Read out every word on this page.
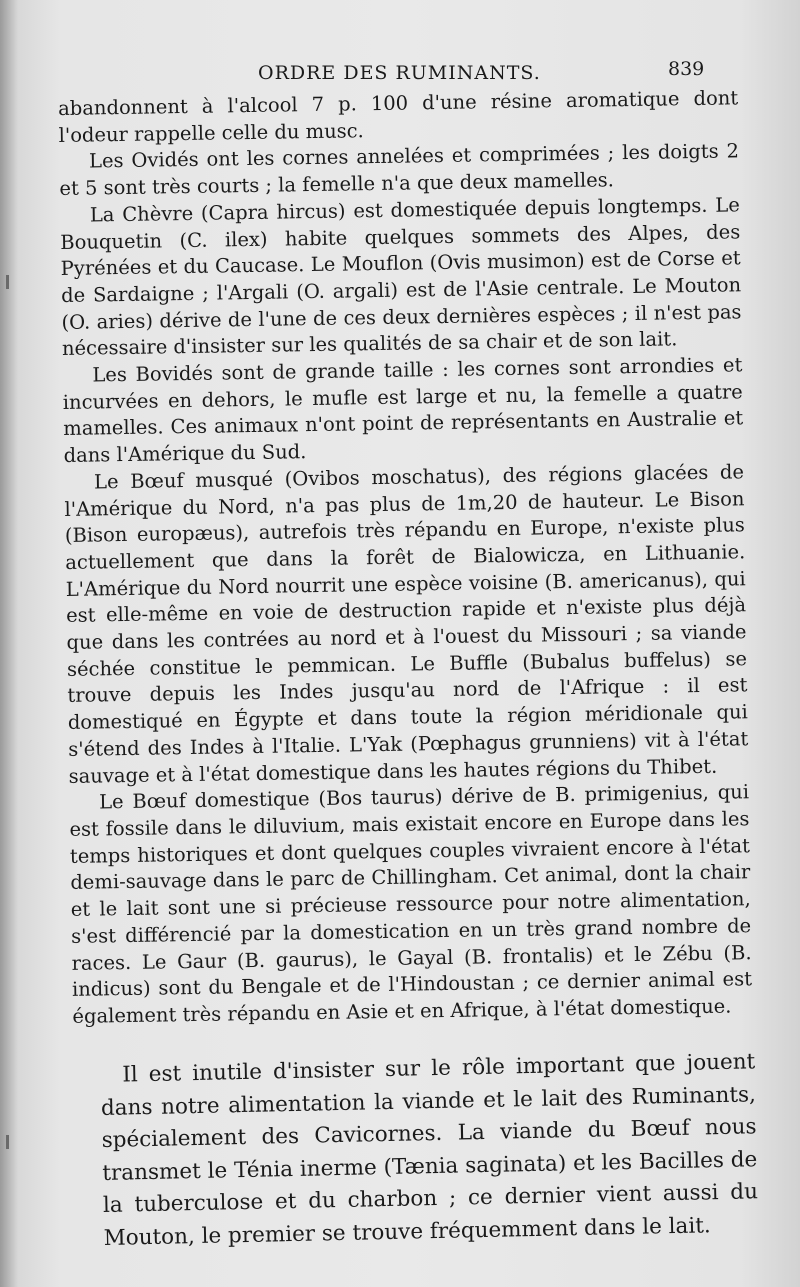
ORDRE DES RUMINANTS.	839

abandonnent à l'alcool 7 p. 100 d'une résine aromatique dont l'odeur rappelle celle du musc.

Les Ovidés ont les cornes annelées et comprimées ; les doigts 2 et 5 sont très courts ; la femelle n'a que deux mamelles.

La Chèvre (Capra hircus) est domestiquée depuis longtemps. Le Bouquetin (C. ilex) habite quelques sommets des Alpes, des Pyrénées et du Caucase. Le Mouflon (Ovis musimon) est de Corse et de Sardaigne ; l'Argali (O. argali) est de l'Asie centrale. Le Mouton (O. aries) dérive de l'une de ces deux dernières espèces ; il n'est pas nécessaire d'insister sur les qualités de sa chair et de son lait.

Les Bovidés sont de grande taille : les cornes sont arrondies et incurvées en dehors, le mufle est large et nu, la femelle a quatre mamelles. Ces animaux n'ont point de représentants en Australie et dans l'Amérique du Sud.

Le Bœuf musqué (Ovibos moschatus), des régions glacées de l'Amérique du Nord, n'a pas plus de 1m,20 de hauteur. Le Bison (Bison europæus), autrefois très répandu en Europe, n'existe plus actuellement que dans la forêt de Bialowicza, en Lithuanie. L'Amérique du Nord nourrit une espèce voisine (B. americanus), qui est elle-même en voie de destruction rapide et n'existe plus déjà que dans les contrées au nord et à l'ouest du Missouri ; sa viande séchée constitue le pemmican. Le Buffle (Bubalus buffelus) se trouve depuis les Indes jusqu'au nord de l'Afrique : il est domestiqué en Égypte et dans toute la région méridionale qui s'étend des Indes à l'Italie. L'Yak (Pœphagus grunniens) vit à l'état sauvage et à l'état domestique dans les hautes régions du Thibet.

Le Bœuf domestique (Bos taurus) dérive de B. primigenius, qui est fossile dans le diluvium, mais existait encore en Europe dans les temps historiques et dont quelques couples vivraient encore à l'état demi-sauvage dans le parc de Chillingham. Cet animal, dont la chair et le lait sont une si précieuse ressource pour notre alimentation, s'est différencié par la domestication en un très grand nombre de races. Le Gaur (B. gaurus), le Gayal (B. frontalis) et le Zébu (B. indicus) sont du Bengale et de l'Hindoustan ; ce dernier animal est également très répandu en Asie et en Afrique, à l'état domestique.

Il est inutile d'insister sur le rôle important que jouent dans notre alimentation la viande et le lait des Ruminants, spécialement des Cavicornes. La viande du Bœuf nous transmet le Ténia inerme (Tænia saginata) et les Bacilles de la tuberculose et du charbon ; ce dernier vient aussi du Mouton, le premier se trouve fréquemment dans le lait.
